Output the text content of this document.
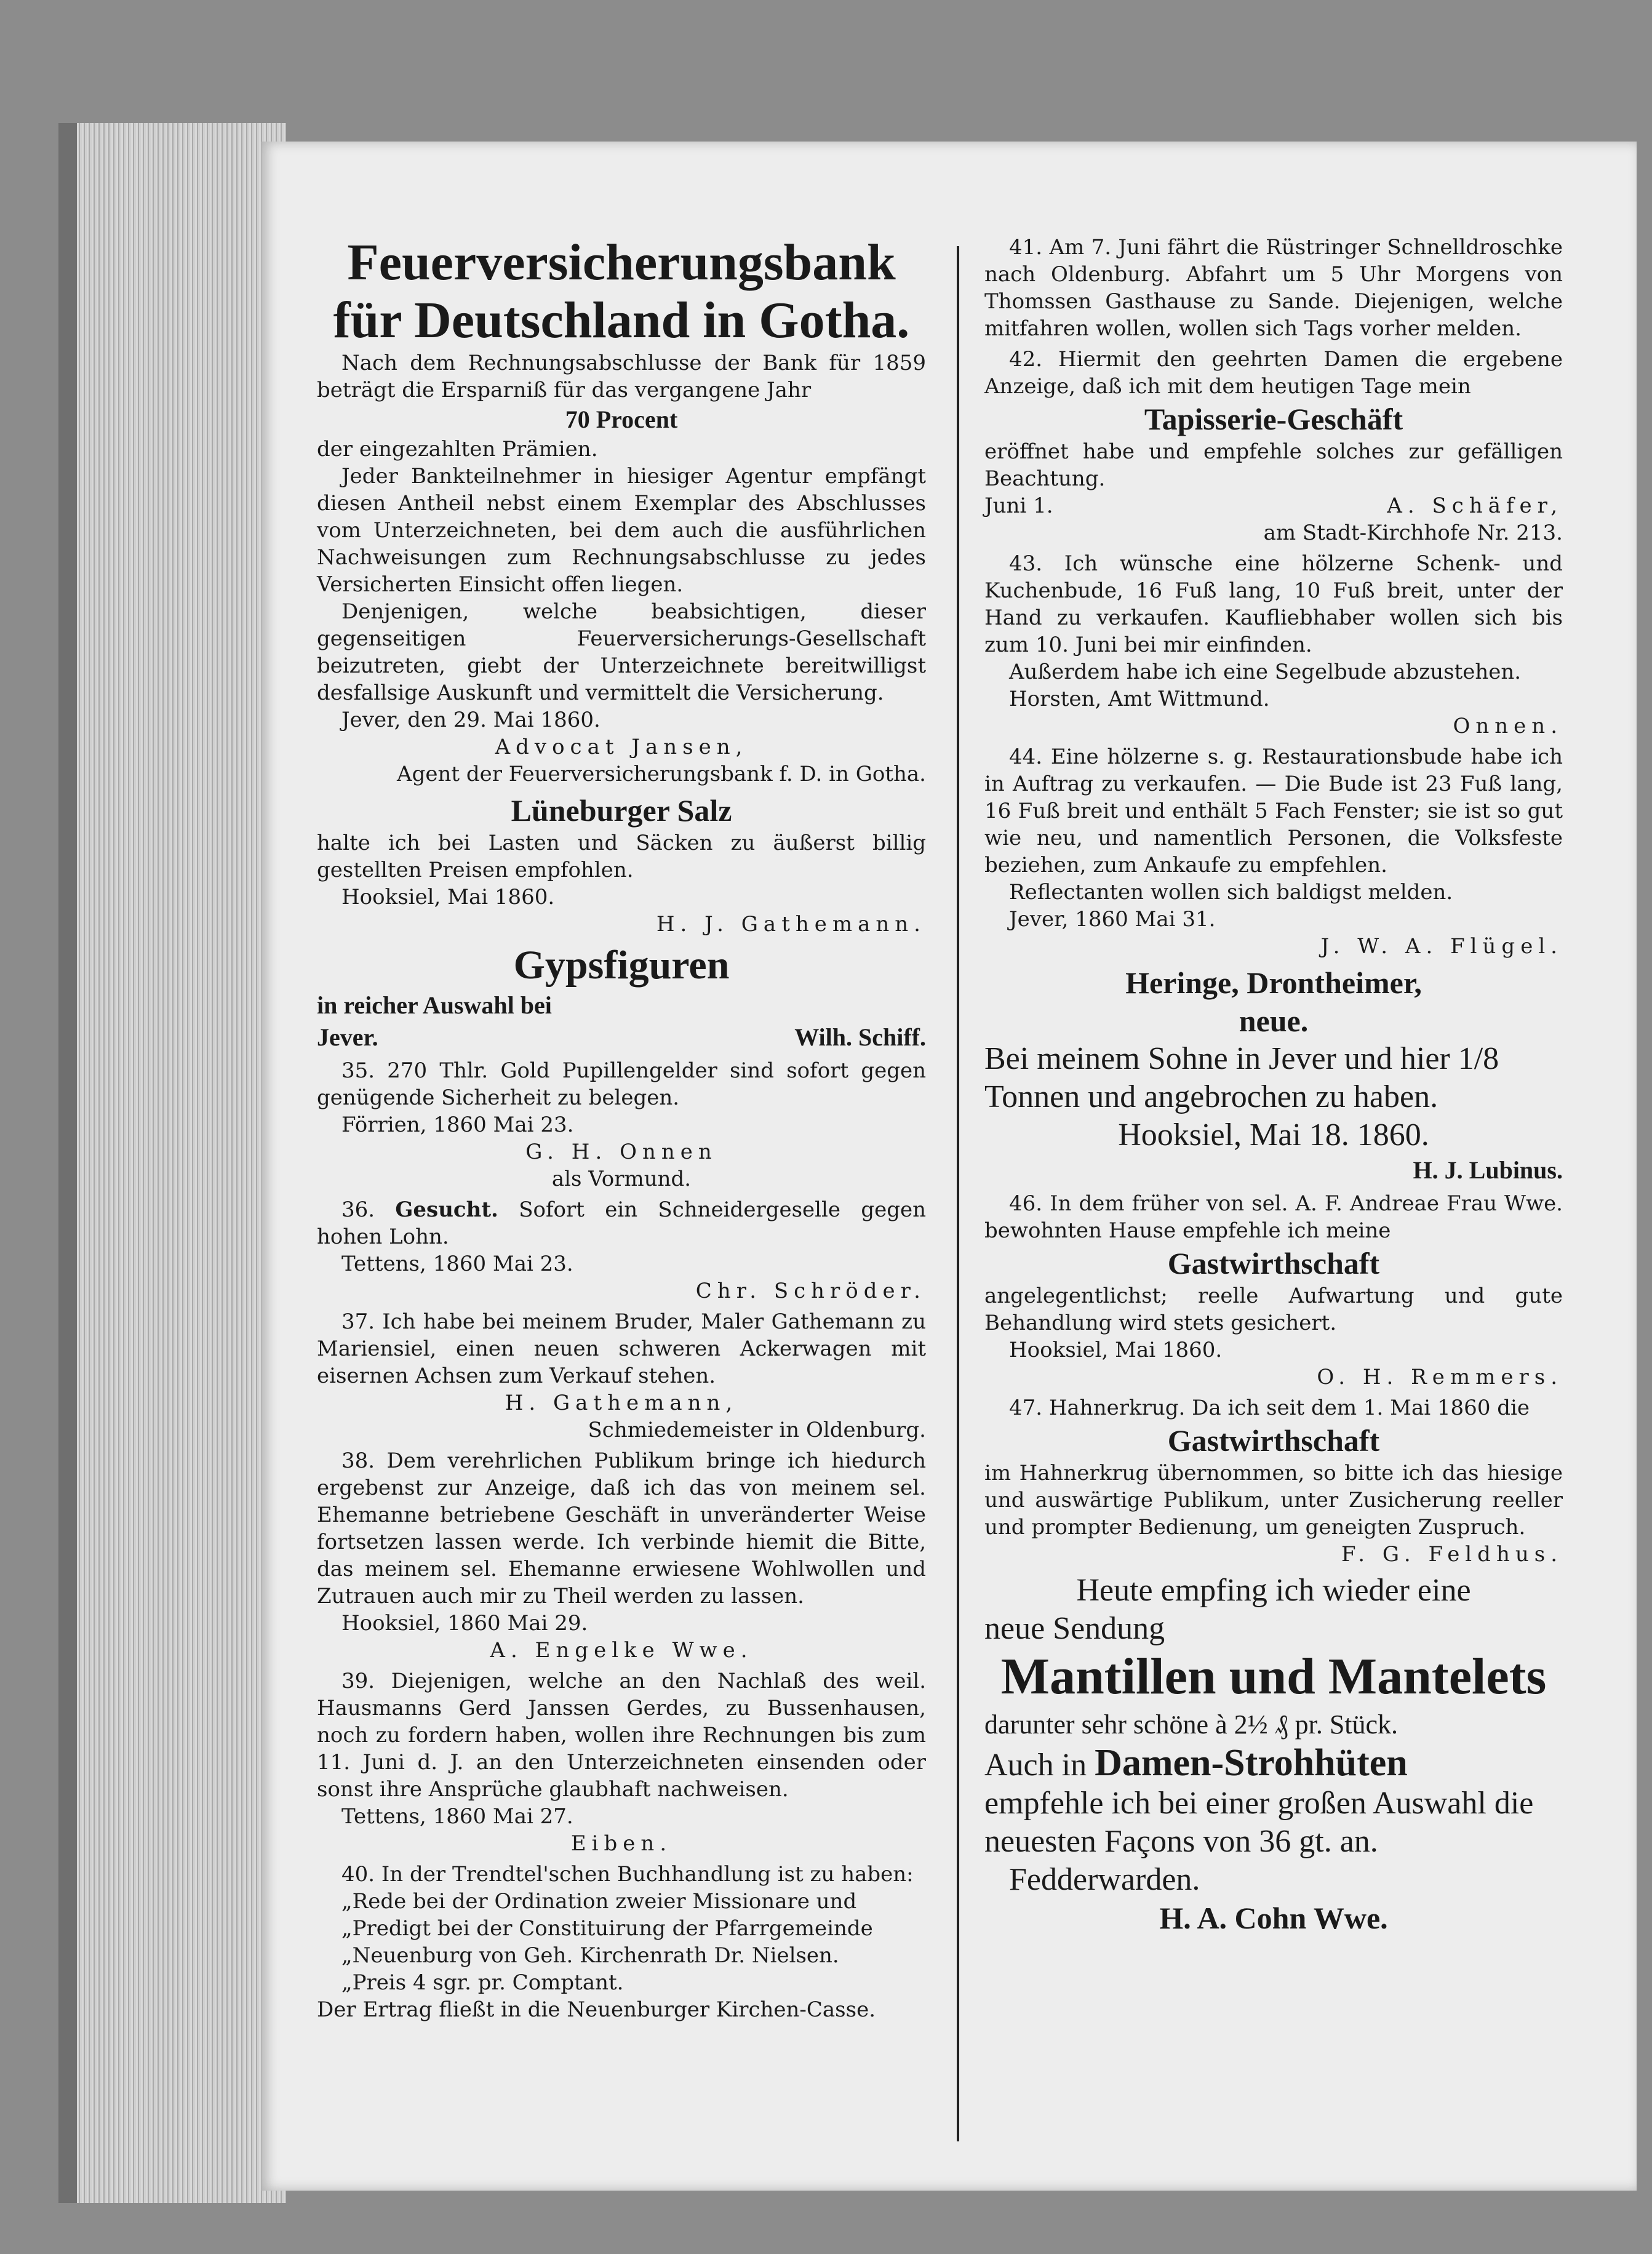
Feuerversicherungsbank

für Deutschland in Gotha.

Nach dem Rechnungsabschlusse der Bank für 1859 beträgt die Ersparniß für das vergangene Jahr

70 Procent

der eingezahlten Prämien.

Jeder Bankteilnehmer in hiesiger Agentur empfängt diesen Antheil nebst einem Exemplar des Abschlusses vom Unterzeichneten, bei dem auch die ausführlichen Nachweisungen zum Rechnungsabschlusse zu jedes Versicherten Einsicht offen liegen.

Denjenigen, welche beabsichtigen, dieser gegenseitigen Feuerversicherungs-Gesellschaft beizutreten, giebt der Unterzeichnete bereitwilligst desfallsige Auskunft und vermittelt die Versicherung.

Jever, den 29. Mai 1860.

Advocat Jansen,

Agent der Feuerversicherungsbank f. D. in Gotha.

Lüneburger Salz

halte ich bei Lasten und Säcken zu äußerst billig gestellten Preisen empfohlen.

Hooksiel, Mai 1860.

H. J. Gathemann.

Gypsfiguren

in reicher Auswahl bei

Jever.	Wilh. Schiff.

35. 270 Thlr. Gold Pupillengelder sind sofort gegen genügende Sicherheit zu belegen.

Förrien, 1860 Mai 23.

G. H. Onnen

als Vormund.

36. Gesucht. Sofort ein Schneidergeselle gegen hohen Lohn.

Tettens, 1860 Mai 23.

Chr. Schröder.

37. Ich habe bei meinem Bruder, Maler Gathemann zu Mariensiel, einen neuen schweren Ackerwagen mit eisernen Achsen zum Verkauf stehen.

H. Gathemann,

Schmiedemeister in Oldenburg.

38. Dem verehrlichen Publikum bringe ich hiedurch ergebenst zur Anzeige, daß ich das von meinem sel. Ehemanne betriebene Geschäft in unveränderter Weise fortsetzen lassen werde. Ich verbinde hiemit die Bitte, das meinem sel. Ehemanne erwiesene Wohlwollen und Zutrauen auch mir zu Theil werden zu lassen.

Hooksiel, 1860 Mai 29.

A. Engelke Wwe.

39. Diejenigen, welche an den Nachlaß des weil. Hausmanns Gerd Janssen Gerdes, zu Bussenhausen, noch zu fordern haben, wollen ihre Rechnungen bis zum 11. Juni d. J. an den Unterzeichneten einsenden oder sonst ihre Ansprüche glaubhaft nachweisen.

Tettens, 1860 Mai 27.

Eiben.

40. In der Trendtel'schen Buchhandlung ist zu haben:

„Rede bei der Ordination zweier Missionare und

„Predigt bei der Constituirung der Pfarrgemeinde

„Neuenburg von Geh. Kirchenrath Dr. Nielsen.

„Preis 4 sgr. pr. Comptant.

Der Ertrag fließt in die Neuenburger Kirchen-Casse.

41. Am 7. Juni fährt die Rüstringer Schnelldroschke nach Oldenburg. Abfahrt um 5 Uhr Morgens von Thomssen Gasthause zu Sande. Diejenigen, welche mitfahren wollen, wollen sich Tags vorher melden.

42. Hiermit den geehrten Damen die ergebene Anzeige, daß ich mit dem heutigen Tage mein

Tapisserie-Geschäft

eröffnet habe und empfehle solches zur gefälligen Beachtung.

Juni 1.	A. Schäfer,

am Stadt-Kirchhofe Nr. 213.

43. Ich wünsche eine hölzerne Schenk- und Kuchenbude, 16 Fuß lang, 10 Fuß breit, unter der Hand zu verkaufen. Kaufliebhaber wollen sich bis zum 10. Juni bei mir einfinden.

Außerdem habe ich eine Segelbude abzustehen.

Horsten, Amt Wittmund.

Onnen.

44. Eine hölzerne s. g. Restaurationsbude habe ich in Auftrag zu verkaufen. — Die Bude ist 23 Fuß lang, 16 Fuß breit und enthält 5 Fach Fenster; sie ist so gut wie neu, und namentlich Personen, die Volksfeste beziehen, zum Ankaufe zu empfehlen.

Reflectanten wollen sich baldigst melden.

Jever, 1860 Mai 31.

J. W. A. Flügel.

Heringe, Drontheimer,

neue.

Bei meinem Sohne in Jever und hier 1/8 Tonnen und angebrochen zu haben.

Hooksiel, Mai 18. 1860.

H. J. Lubinus.

46. In dem früher von sel. A. F. Andreae Frau Wwe. bewohnten Hause empfehle ich meine

Gastwirthschaft

angelegentlichst; reelle Aufwartung und gute Behandlung wird stets gesichert.

Hooksiel, Mai 1860.

O. H. Remmers.

47. Hahnerkrug. Da ich seit dem 1. Mai 1860 die

Gastwirthschaft

im Hahnerkrug übernommen, so bitte ich das hiesige und auswärtige Publikum, unter Zusicherung reeller und prompter Bedienung, um geneigten Zuspruch.

F. G. Feldhus.

Heute empfing ich wieder eine

neue Sendung

Mantillen und Mantelets

darunter sehr schöne à 2½ ₰ pr. Stück.

Auch in Damen-Strohhüten

empfehle ich bei einer großen Auswahl die neuesten Façons von 36 gt. an.

Fedderwarden.

H. A. Cohn Wwe.
